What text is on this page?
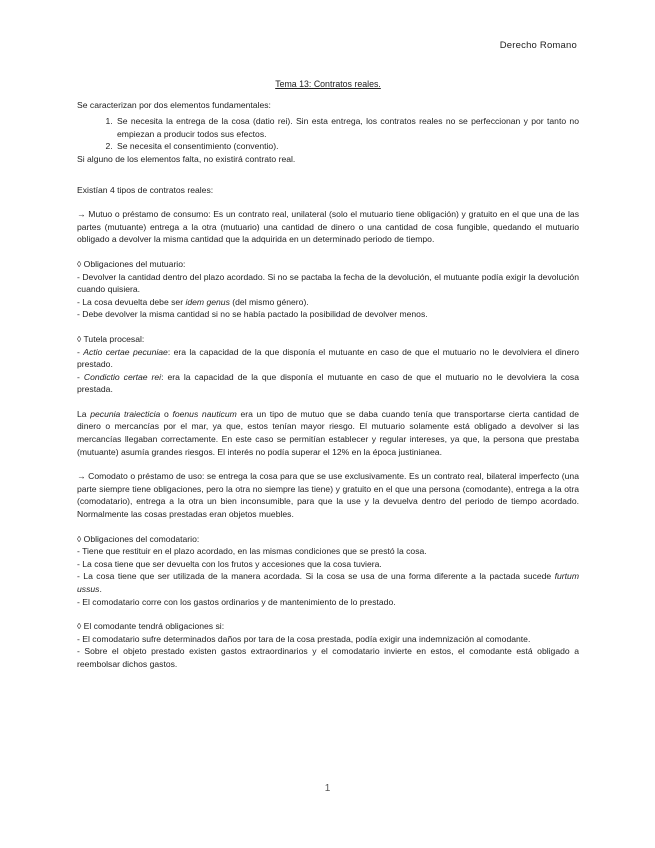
Derecho Romano
Tema 13: Contratos reales.

Se caracterizan por dos elementos fundamentales:

1. Se necesita la entrega de la cosa (datio rei). Sin esta entrega, los contratos reales no se perfeccionan y por tanto no empiezan a producir todos sus efectos.
2. Se necesita el consentimiento (conventio).

Si alguno de los elementos falta, no existirá contrato real.

Existían 4 tipos de contratos reales:

→ Mutuo o préstamo de consumo: Es un contrato real, unilateral (solo el mutuario tiene obligación) y gratuito en el que una de las partes (mutuante) entrega a la otra (mutuario) una cantidad de dinero o una cantidad de cosa fungible, quedando el mutuario obligado a devolver la misma cantidad que la adquirida en un determinado periodo de tiempo.

◊ Obligaciones del mutuario:

- Devolver la cantidad dentro del plazo acordado. Si no se pactaba la fecha de la devolución, el mutuante podía exigir la devolución cuando quisiera.
- La cosa devuelta debe ser idem genus (del mismo género).
- Debe devolver la misma cantidad si no se había pactado la posibilidad de devolver menos.

◊ Tutela procesal:

- Actio certae pecuniae: era la capacidad de la que disponía el mutuante en caso de que el mutuario no le devolviera el dinero prestado.
- Condictio certae rei: era la capacidad de la que disponía el mutuante en caso de que el mutuario no le devolviera la cosa prestada.

La pecunia traiecticia o foenus nauticum era un tipo de mutuo que se daba cuando tenía que transportarse cierta cantidad de dinero o mercancías por el mar, ya que, estos tenían mayor riesgo. El mutuario solamente está obligado a devolver si las mercancías llegaban correctamente. En este caso se permitían establecer y regular intereses, ya que, la persona que prestaba (mutuante) asumía grandes riesgos. El interés no podía superar el 12% en la época justinianea.

→ Comodato o préstamo de uso: se entrega la cosa para que se use exclusivamente. Es un contrato real, bilateral imperfecto (una parte siempre tiene obligaciones, pero la otra no siempre las tiene) y gratuito en el que una persona (comodante), entrega a la otra (comodatario), entrega a la otra un bien inconsumible, para que la use y la devuelva dentro del periodo de tiempo acordado. Normalmente las cosas prestadas eran objetos muebles.

◊ Obligaciones del comodatario:

- Tiene que restituir en el plazo acordado, en las mismas condiciones que se prestó la cosa.
- La cosa tiene que ser devuelta con los frutos y accesiones que la cosa tuviera.
- La cosa tiene que ser utilizada de la manera acordada. Si la cosa se usa de una forma diferente a la pactada sucede furtum ussus.
- El comodatario corre con los gastos ordinarios y de mantenimiento de lo prestado.

◊ El comodante tendrá obligaciones si:

- El comodatario sufre determinados daños por tara de la cosa prestada, podía exigir una indemnización al comodante.
- Sobre el objeto prestado existen gastos extraordinarios y el comodatario invierte en estos, el comodante está obligado a reembolsar dichos gastos.
1
